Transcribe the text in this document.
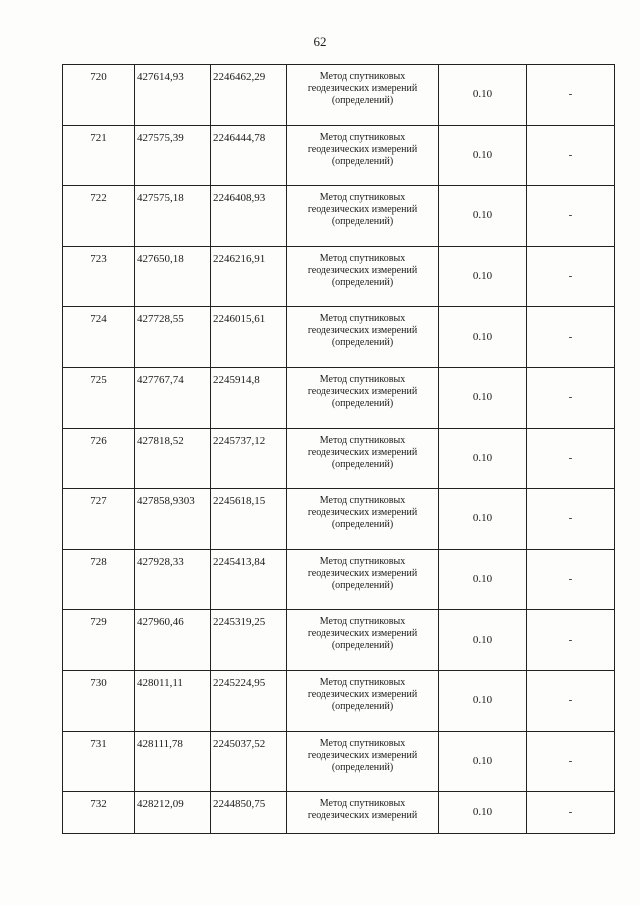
62
720	427614,93	2246462,29	Метод спутниковых
геодезических измерений
(определений)	0.10	-
721	427575,39	2246444,78	Метод спутниковых
геодезических измерений
(определений)	0.10	-
722	427575,18	2246408,93	Метод спутниковых
геодезических измерений
(определений)	0.10	-
723	427650,18	2246216,91	Метод спутниковых
геодезических измерений
(определений)	0.10	-
724	427728,55	2246015,61	Метод спутниковых
геодезических измерений
(определений)	0.10	-
725	427767,74	2245914,8	Метод спутниковых
геодезических измерений
(определений)	0.10	-
726	427818,52	2245737,12	Метод спутниковых
геодезических измерений
(определений)	0.10	-
727	427858,9303	2245618,15	Метод спутниковых
геодезических измерений
(определений)	0.10	-
728	427928,33	2245413,84	Метод спутниковых
геодезических измерений
(определений)	0.10	-
729	427960,46	2245319,25	Метод спутниковых
геодезических измерений
(определений)	0.10	-
730	428011,11	2245224,95	Метод спутниковых
геодезических измерений
(определений)	0.10	-
731	428111,78	2245037,52	Метод спутниковых
геодезических измерений
(определений)	0.10	-
732	428212,09	2244850,75	Метод спутниковых
геодезических измерений	0.10	-
